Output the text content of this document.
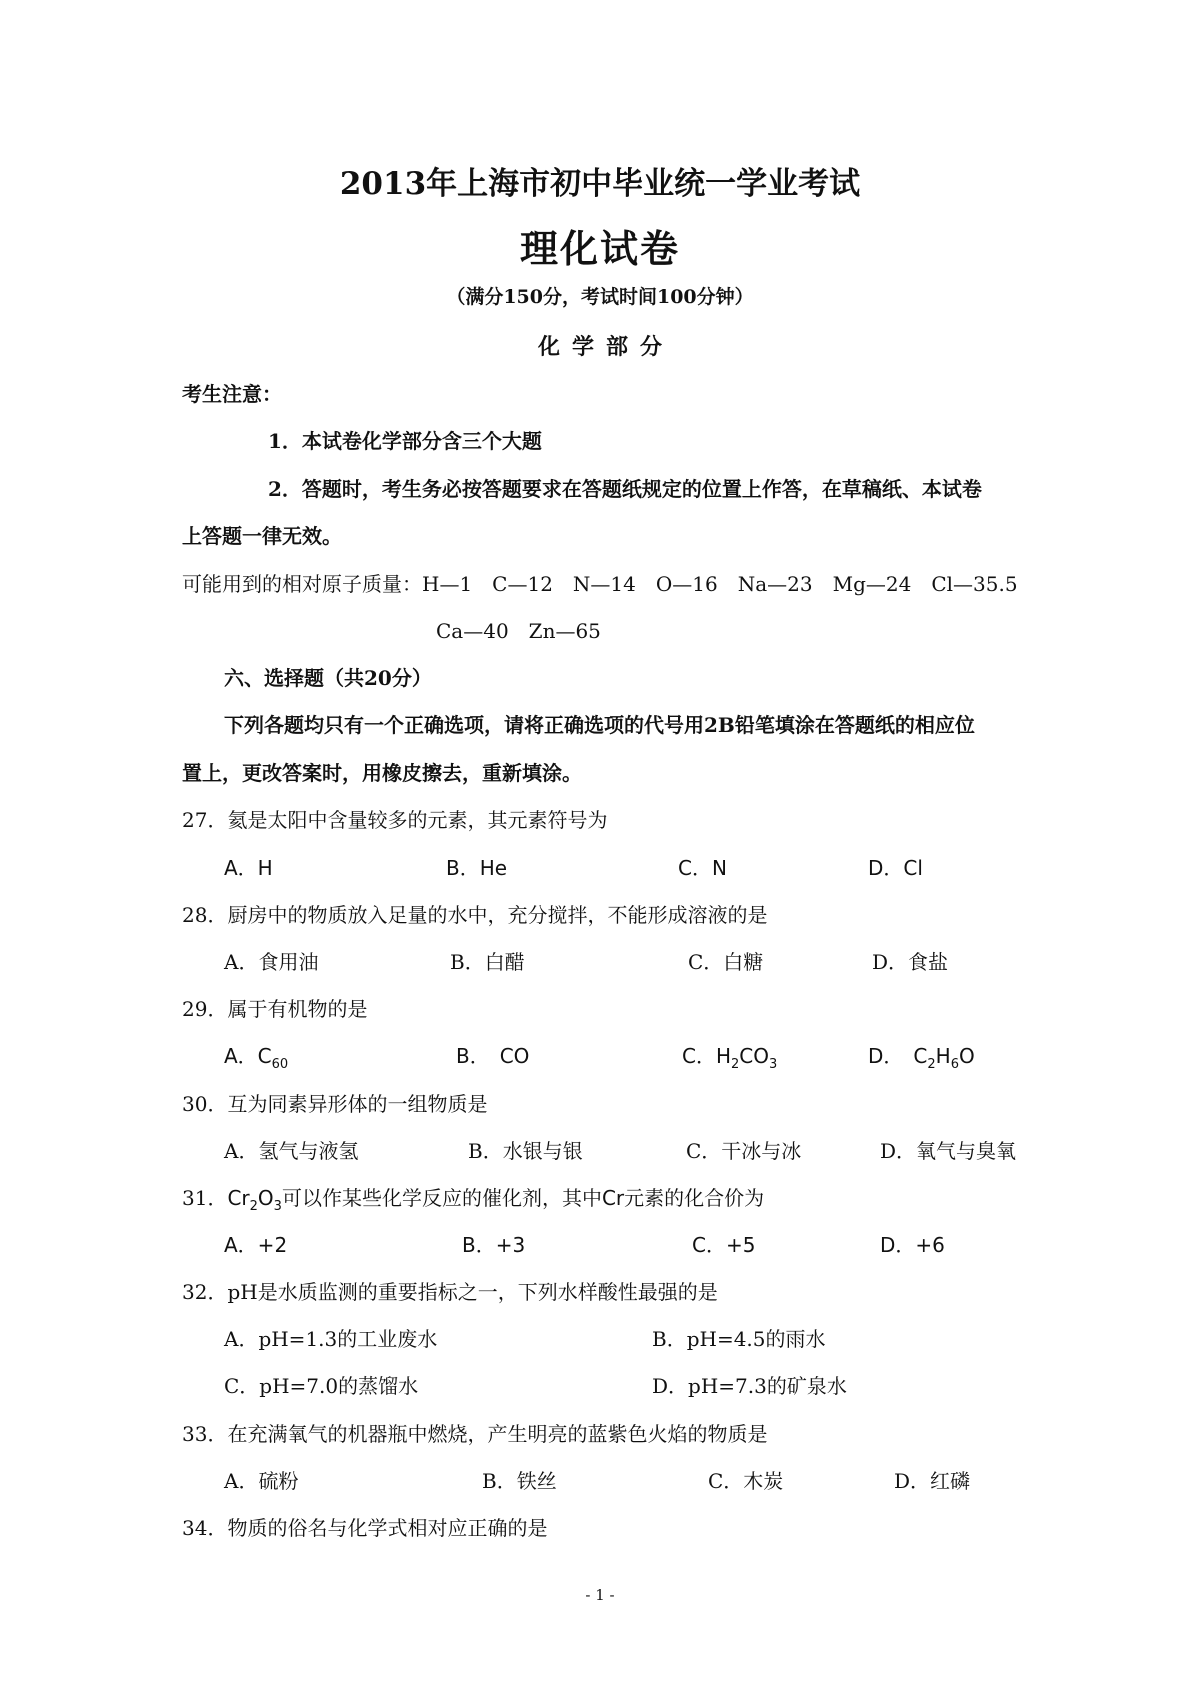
2013年上海市初中毕业统一学业考试
理化试卷
（满分150分，考试时间100分钟）
化学部分
考生注意：
1．本试卷化学部分含三个大题
2．答题时，考生务必按答题要求在答题纸规定的位置上作答，在草稿纸、本试卷
上答题一律无效。
可能用到的相对原子质量：H—1　C—12　N—14　O—16　Na—23　Mg—24　Cl—35.5
Ca—40　Zn—65
六、选择题（共20分）
下列各题均只有一个正确选项，请将正确选项的代号用2B铅笔填涂在答题纸的相应位
置上，更改答案时，用橡皮擦去，重新填涂。
27．氦是太阳中含量较多的元素，其元素符号为
A．H	B．He	C．N	D．Cl
28．厨房中的物质放入足量的水中，充分搅拌，不能形成溶液的是
A．食用油	B．白醋	C．白糖	D．食盐
29．属于有机物的是
A．$C_{60}$	B．　CO	C．$H_2CO_3$	D．　$C_2H_6O$
30．互为同素异形体的一组物质是
A．氢气与液氢	B．水银与银	C．干冰与冰	D．氧气与臭氧
31．$Cr_2O_3$可以作某些化学反应的催化剂，其中Cr元素的化合价为
A．+2	B．+3	C．+5	D．+6
32．pH是水质监测的重要指标之一，下列水样酸性最强的是
A．pH=1.3的工业废水	B．pH=4.5的雨水
C．pH=7.0的蒸馏水	D．pH=7.3的矿泉水
33．在充满氧气的机器瓶中燃烧，产生明亮的蓝紫色火焰的物质是
A．硫粉	B．铁丝	C．木炭	D．红磷
34．物质的俗名与化学式相对应正确的是
- 1 -
